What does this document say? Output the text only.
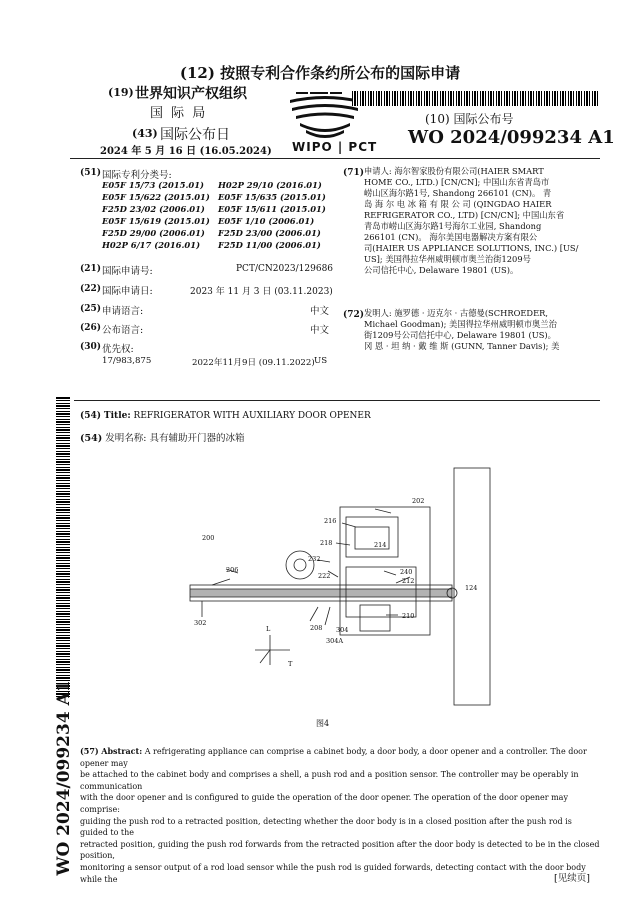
(12) 按照专利合作条约所公布的国际申请
(19) 世界知识产权组织
国 际 局
(43) 国际公布日
2024 年 5 月 16 日 (16.05.2024) WIPO | PCT
(10) 国际公布号
WO 2024/099234 A1
(51) 国际专利分类号:
E05F 15/73 (2015.01) H02P 29/10 (2016.01)
E05F 15/622 (2015.01) E05F 15/635 (2015.01)
F25D 23/02 (2006.01) E05F 15/611 (2015.01)
E05F 15/619 (2015.01) E05F 1/10 (2006.01)
F25D 29/00 (2006.01) F25D 23/00 (2006.01)
H02P 6/17 (2016.01) F25D 11/00 (2006.01)
(21) 国际申请号:	PCT/CN2023/129686
(22) 国际申请日:	2023 年 11 月 3 日 (03.11.2023)
(25) 申请语言:	中文
(26) 公布语言:	中文
(30) 优先权:
17/983,875	2022年11月9日 (09.11.2022) US
(71) 申请人: 海尔智家股份有限公司(HAIER SMART
HOME CO., LTD.) [CN/CN]; 中国山东省青岛市
崂山区海尔路1号, Shandong 266101 (CN)。 青
岛 海 尔 电 冰 箱 有 限 公 司 (QINGDAO HAIER
REFRIGERATOR CO., LTD) [CN/CN]; 中国山东省
青岛市崂山区海尔路1号海尔工业园, Shandong
266101 (CN)。 海尔美国电器解决方案有限公
司(HAIER US APPLIANCE SOLUTIONS, INC.) [US/
US]; 美国得拉华州威明顿市奥兰治街1209号
公司信托中心, Delaware 19801 (US)。
(72) 发明人: 施罗德 · 迈克尔 · 古德曼(SCHROEDER,
Michael Goodman); 美国得拉华州威明顿市奥兰治
街1209号公司信托中心, Delaware 19801 (US)。
冈 恩 · 坦 纳 · 戴 维 斯 (GUNN, Tanner Davis); 美
WO 2024/099234 A1
(54) Title: REFRIGERATOR WITH AUXILIARY DOOR OPENER
(54) 发明名称: 具有辅助开门器的冰箱
202
216
214
218
200
232
222	240
206
212
208
124
302
210
304
304A
L
T
图4
(57) Abstract: A refrigerating appliance can comprise a cabinet body, a door body, a door opener and a controller. The door opener may
be attached to the cabinet body and comprises a shell, a push rod and a position sensor. The controller may be operably in communication
with the door opener and is configured to guide the operation of the door opener. The operation of the door opener may comprise:
guiding the push rod to a retracted position, detecting whether the door body is in a closed position after the push rod is guided to the
retracted position, guiding the push rod forwards from the retracted position after the door body is detected to be in the closed position,
monitoring a sensor output of a rod load sensor while the push rod is guided forwards, detecting contact with the door body while the	[见续页]
